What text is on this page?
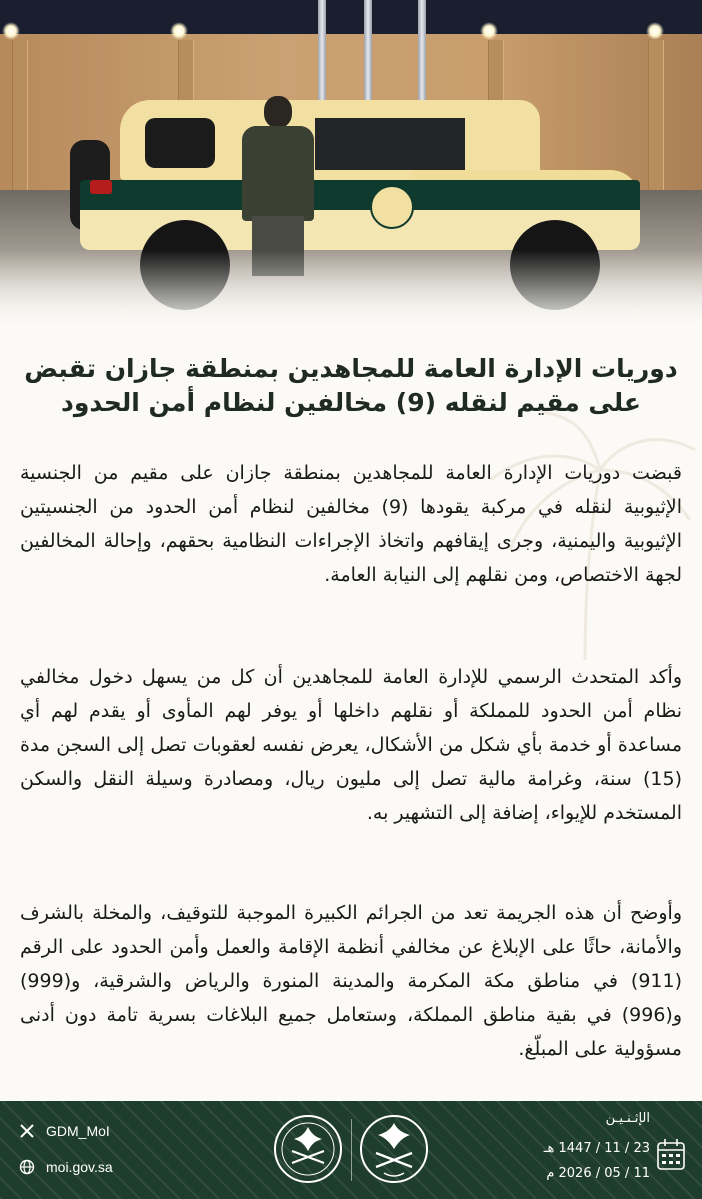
دوريات الإدارة العامة للمجاهدين بمنطقة جازان تقبض على مقيم لنقله (9) مخالفين لنظام أمن الحدود

قبضت دوريات الإدارة العامة للمجاهدين بمنطقة جازان على مقيم من الجنسية الإثيوبية لنقله في مركبة يقودها (9) مخالفين لنظام أمن الحدود من الجنسيتين الإثيوبية واليمنية، وجرى إيقافهم واتخاذ الإجراءات النظامية بحقهم، وإحالة المخالفين لجهة الاختصاص، ومن نقلهم إلى النيابة العامة.

وأكد المتحدث الرسمي للإدارة العامة للمجاهدين أن كل من يسهل دخول مخالفي نظام أمن الحدود للمملكة أو نقلهم داخلها أو يوفر لهم المأوى أو يقدم لهم أي مساعدة أو خدمة بأي شكل من الأشكال، يعرض نفسه لعقوبات تصل إلى السجن مدة (15) سنة، وغرامة مالية تصل إلى مليون ريال، ومصادرة وسيلة النقل والسكن المستخدم للإيواء، إضافة إلى التشهير به.

وأوضح أن هذه الجريمة تعد من الجرائم الكبيرة الموجبة للتوقيف، والمخلة بالشرف والأمانة، حاثًا على الإبلاغ عن مخالفي أنظمة الإقامة والعمل وأمن الحدود على الرقم (911) في مناطق مكة المكرمة والمدينة المنورة والرياض والشرقية، و(999) و(996) في بقية مناطق المملكة، وستعامل جميع البلاغات بسرية تامة دون أدنى مسؤولية على المبلّغ.

GDM_MoI
moi.gov.sa
الإثـنـيـن
23 / 11 / 1447 هـ
11 / 05 / 2026 م
